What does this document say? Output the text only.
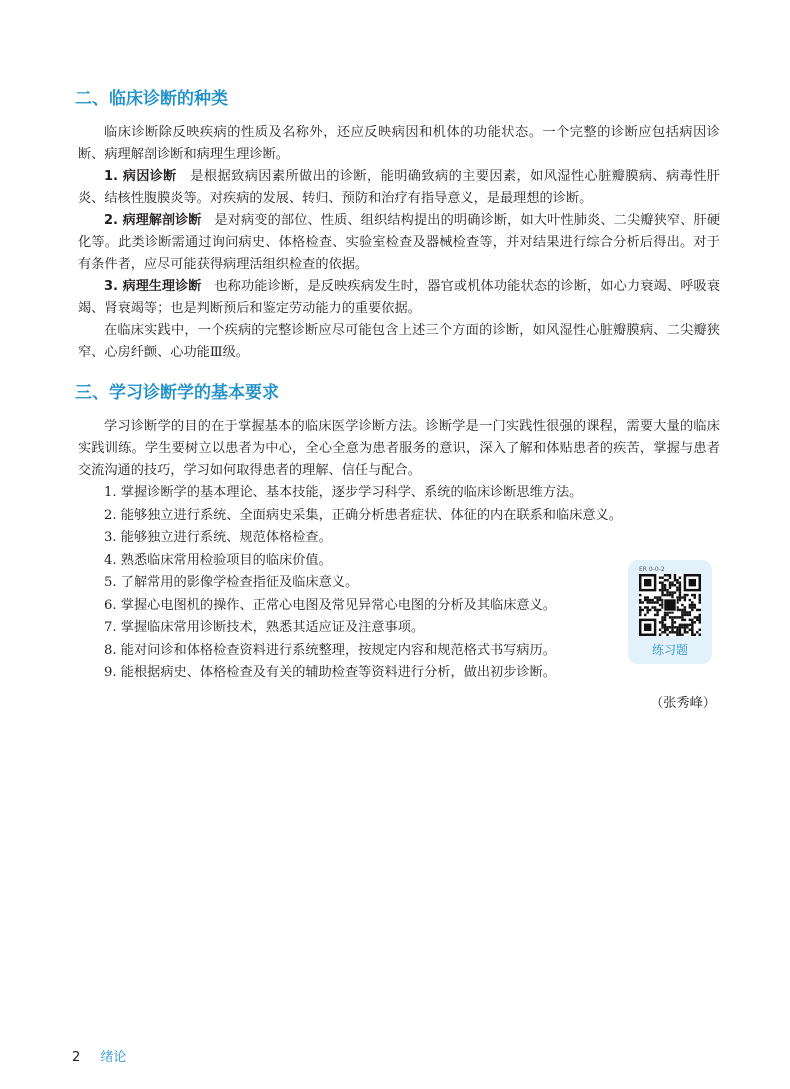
二、临床诊断的种类

临床诊断除反映疾病的性质及名称外，还应反映病因和机体的功能状态。一个完整的诊断应包括病因诊断、病理解剖诊断和病理生理诊断。

1. 病因诊断 是根据致病因素所做出的诊断，能明确致病的主要因素，如风湿性心脏瓣膜病、病毒性肝炎、结核性腹膜炎等。对疾病的发展、转归、预防和治疗有指导意义，是最理想的诊断。

2. 病理解剖诊断 是对病变的部位、性质、组织结构提出的明确诊断，如大叶性肺炎、二尖瓣狭窄、肝硬化等。此类诊断需通过询问病史、体格检查、实验室检查及器械检查等，并对结果进行综合分析后得出。对于有条件者，应尽可能获得病理活组织检查的依据。

3. 病理生理诊断 也称功能诊断，是反映疾病发生时，器官或机体功能状态的诊断，如心力衰竭、呼吸衰竭、肾衰竭等；也是判断预后和鉴定劳动能力的重要依据。

在临床实践中，一个疾病的完整诊断应尽可能包含上述三个方面的诊断，如风湿性心脏瓣膜病、二尖瓣狭窄、心房纤颤、心功能Ⅲ级。

三、学习诊断学的基本要求

学习诊断学的目的在于掌握基本的临床医学诊断方法。诊断学是一门实践性很强的课程，需要大量的临床实践训练。学生要树立以患者为中心，全心全意为患者服务的意识，深入了解和体贴患者的疾苦，掌握与患者交流沟通的技巧，学习如何取得患者的理解、信任与配合。

1. 掌握诊断学的基本理论、基本技能，逐步学习科学、系统的临床诊断思维方法。
2. 能够独立进行系统、全面病史采集，正确分析患者症状、体征的内在联系和临床意义。
3. 能够独立进行系统、规范体格检查。
4. 熟悉临床常用检验项目的临床价值。
5. 了解常用的影像学检查指征及临床意义。
6. 掌握心电图机的操作、正常心电图及常见异常心电图的分析及其临床意义。
7. 掌握临床常用诊断技术，熟悉其适应证及注意事项。
8. 能对问诊和体格检查资料进行系统整理，按规定内容和规范格式书写病历。
9. 能根据病史、体格检查及有关的辅助检查等资料进行分析，做出初步诊断。
（张秀峰）
ER 0-0-2
练习题
2 绪论
